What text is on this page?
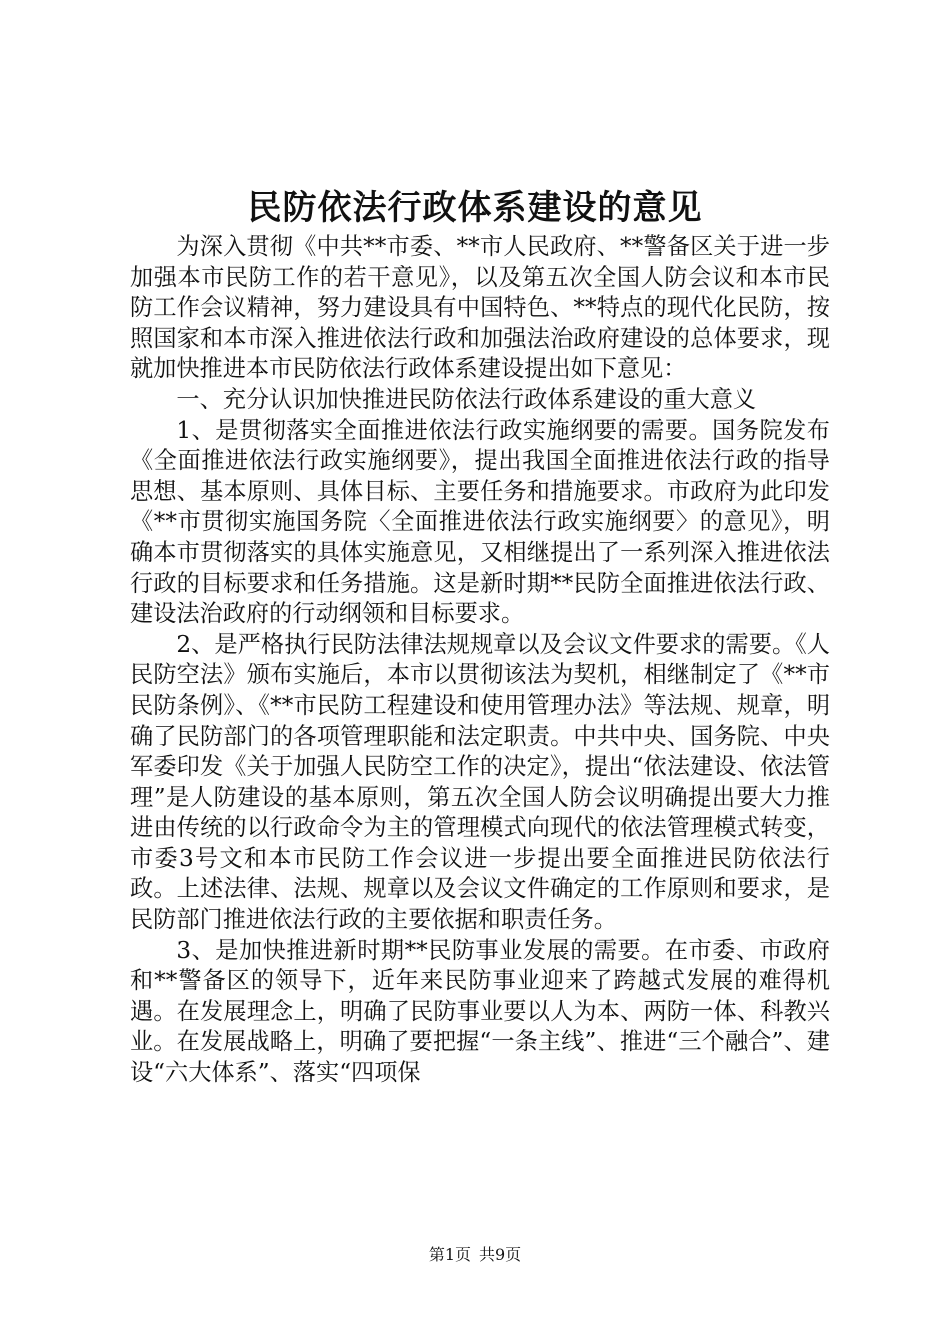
民防依法行政体系建设的意见

为深入贯彻《中共**市委、**市人民政府、**警备区关于进一步加强本市民防工作的若干意见》，以及第五次全国人防会议和本市民防工作会议精神，努力建设具有中国特色、**特点的现代化民防，按照国家和本市深入推进依法行政和加强法治政府建设的总体要求，现就加快推进本市民防依法行政体系建设提出如下意见：

一、充分认识加快推进民防依法行政体系建设的重大意义

1、是贯彻落实全面推进依法行政实施纲要的需要。国务院发布《全面推进依法行政实施纲要》，提出我国全面推进依法行政的指导思想、基本原则、具体目标、主要任务和措施要求。市政府为此印发《**市贯彻实施国务院〈全面推进依法行政实施纲要〉的意见》，明确本市贯彻落实的具体实施意见，又相继提出了一系列深入推进依法行政的目标要求和任务措施。这是新时期**民防全面推进依法行政、建设法治政府的行动纲领和目标要求。

2、是严格执行民防法律法规规章以及会议文件要求的需要。《人民防空法》颁布实施后，本市以贯彻该法为契机，相继制定了《**市民防条例》、《**市民防工程建设和使用管理办法》等法规、规章，明确了民防部门的各项管理职能和法定职责。中共中央、国务院、中央军委印发《关于加强人民防空工作的决定》，提出“依法建设、依法管理”是人防建设的基本原则，第五次全国人防会议明确提出要大力推进由传统的以行政命令为主的管理模式向现代的依法管理模式转变，市委3号文和本市民防工作会议进一步提出要全面推进民防依法行政。上述法律、法规、规章以及会议文件确定的工作原则和要求，是民防部门推进依法行政的主要依据和职责任务。

3、是加快推进新时期**民防事业发展的需要。在市委、市政府和**警备区的领导下，近年来民防事业迎来了跨越式发展的难得机遇。在发展理念上，明确了民防事业要以人为本、两防一体、科教兴业。在发展战略上，明确了要把握“一条主线”、推进“三个融合”、建设“六大体系”、落实“四项保

第1页 共9页
